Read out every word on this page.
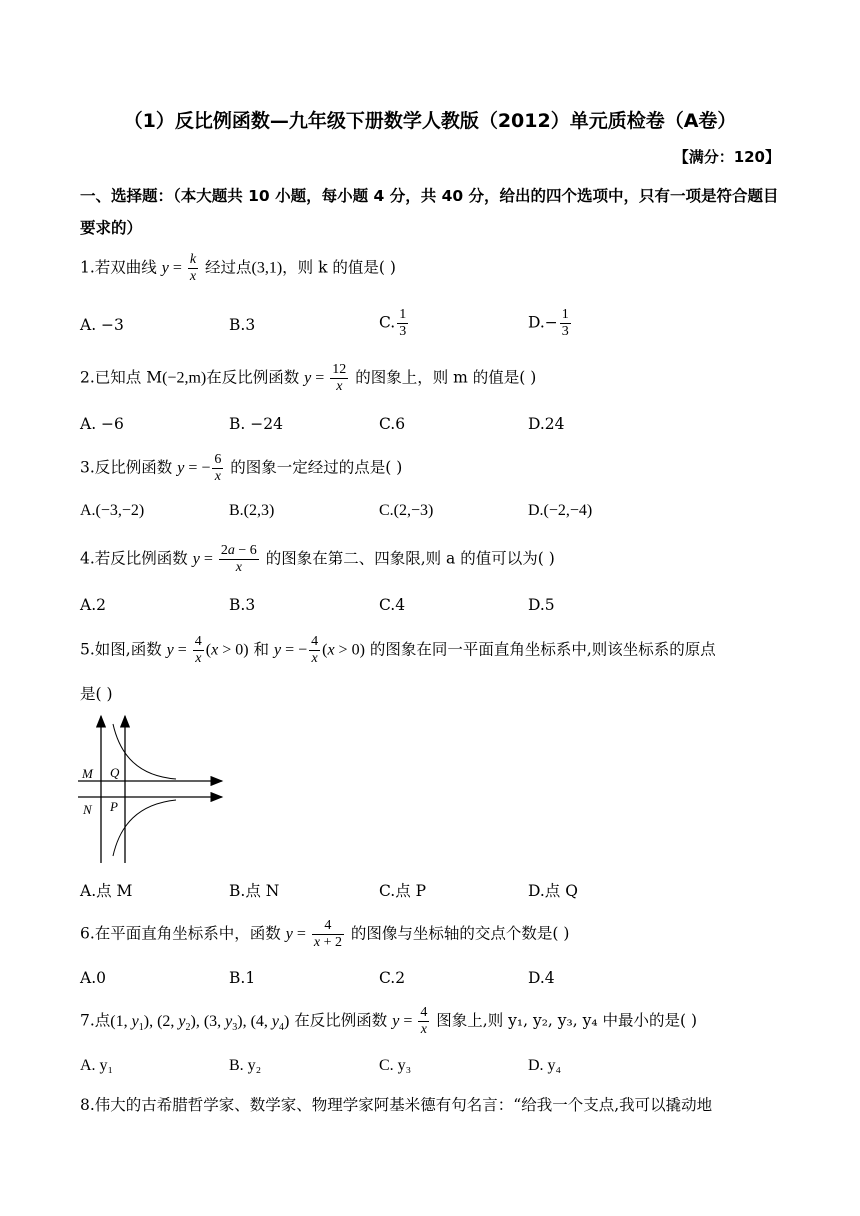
（1）反比例函数—九年级下册数学人教版（2012）单元质检卷（A卷）
【满分：120】
一、选择题：（本大题共 10 小题，每小题 4 分，共 40 分，给出的四个选项中，只有一项是符合题目要求的）
1.若双曲线 $y = \frac{k}{x}$ 经过点(3,1)，则 k 的值是( )
A. −3	B.3	C. $\frac{1}{3}$	$D.- \frac{1}{3}$
2.已知点 M(−2,m)在反比例函数 $y = \frac{12}{x}$ 的图象上，则 m 的值是( )
A. −6	B. −24	C.6	D.24
3.反比例函数 y = − $\frac{6}{x}$ 的图象一定经过的点是( )
A.(−3,−2)	B.(2,3)	C.(2,−3)	D.(−2,−4)
4.若反比例函数 $y = \frac{2a - 6}{x}$ 的图象在第二、四象限,则 a 的值可以为( )
A.2	B.3	C.4	D.5
5.如图,函数 $y = \frac{4}{x} (x > 0)$ 和 y = − $\frac{4}{x} (x > 0)$ 的图象在同一平面直角坐标系中,则该坐标系的原点
是( )
M Q
N P
A.点 M	B.点 N	C.点 P	D.点 Q
6.在平面直角坐标系中，函数 $y = \frac{4}{x + 2}$ 的图像与坐标轴的交点个数是( )
A.0	B.1	C.2	D.4
7.点(1, $y_1$), (2, $y_2$), (3, $y_3$), (4, $y_4$) 在反比例函数 $y = \frac{4}{x}$ 图象上,则 y₁, y₂, y₃, y₄ 中最小的是( )
A. y₁	B. y₂	C. y₃	D. y₄
8.伟大的古希腊哲学家、数学家、物理学家阿基米德有句名言：“给我一个支点,我可以撬动地
